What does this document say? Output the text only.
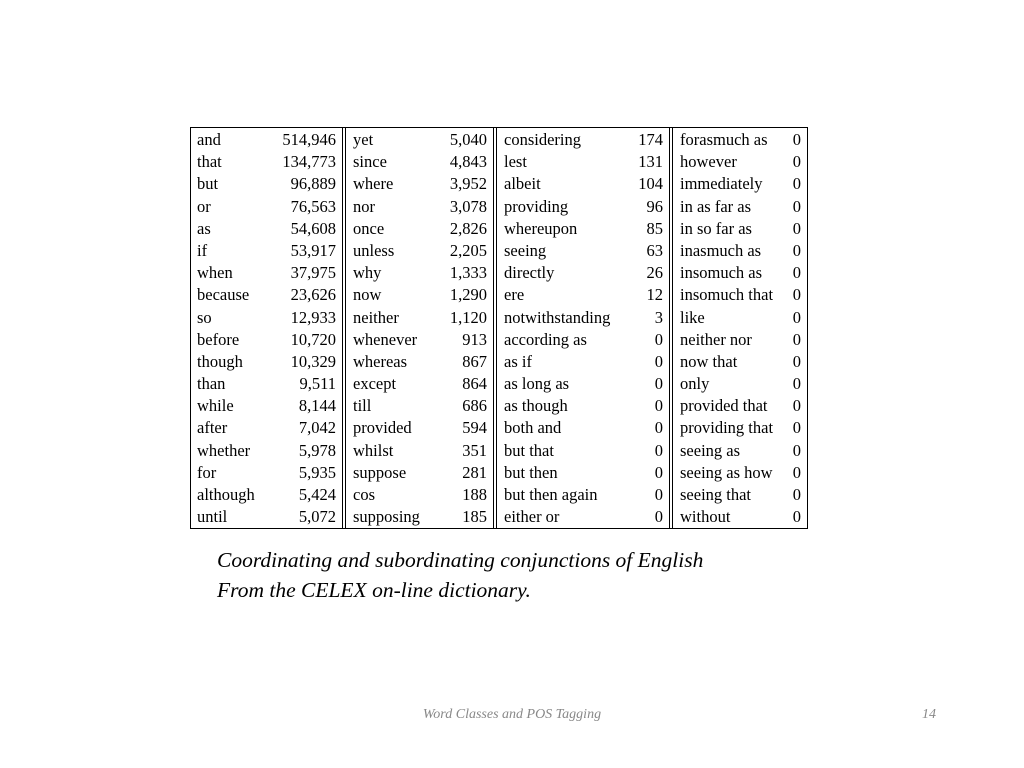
and	514,946
that	134,773
but	96,889
or	76,563
as	54,608
if	53,917
when	37,975
because	23,626
so	12,933
before	10,720
though	10,329
than	9,511
while	8,144
after	7,042
whether	5,978
for	5,935
although	5,424
until	5,072
yet	5,040
since	4,843
where	3,952
nor	3,078
once	2,826
unless	2,205
why	1,333
now	1,290
neither	1,120
whenever	913
whereas	867
except	864
till	686
provided	594
whilst	351
suppose	281
cos	188
supposing	185
considering	174
lest	131
albeit	104
providing	96
whereupon	85
seeing	63
directly	26
ere	12
notwithstanding	3
according as	0
as if	0
as long as	0
as though	0
both and	0
but that	0
but then	0
but then again	0
either or	0
forasmuch as 0
however	0
immediately 0
in as far as	0
in so far as 0
inasmuch as 0
insomuch as 0
insomuch that 0
like	0
neither nor 0
now that	0
only	0
provided that 0
providing that 0
seeing as	0
seeing as how 0
seeing that	0
without	0
Coordinating and subordinating conjunctions of English
From the CELEX on-line dictionary.
Word Classes and POS Tagging	14
